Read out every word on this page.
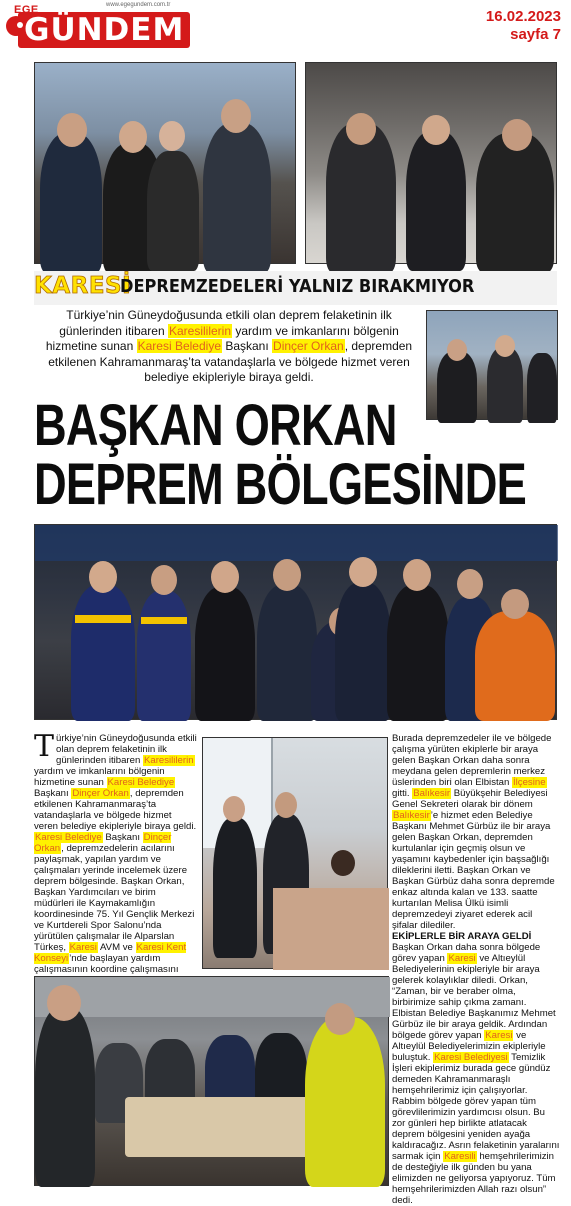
EGE
GÜNDEM
www.egegundem.com.tr
16.02.2023
sayfa 7
KARESİ
DEPREMZEDELERİ YALNIZ BIRAKMIYOR
Türkiye’nin Güneydoğusunda etkili olan deprem felaketinin ilk günlerinden itibaren Karesililerin yardım ve imkanlarını bölgenin hizmetine sunan Karesi Belediye Başkanı Dinçer Orkan, depremden etkilenen Kahramanmaraş’ta vatandaşlarla ve bölgede hizmet veren belediye ekipleriyle biraya geldi.
BAŞKAN ORKAN
DEPREM BÖLGESİNDE
Türkiye’nin Güneydoğusunda etkili olan deprem felaketinin ilk günlerinden itibaren Karesililerin yardım ve imkanlarını bölgenin hizmetine sunan Karesi Belediye Başkanı Dinçer Orkan, depremden etkilenen Kahramanmaraş’ta vatandaşlarla ve bölgede hizmet veren belediye ekipleriyle biraya geldi.
Karesi Belediye Başkanı Dinçer Orkan, depremzedelerin acılarını paylaşmak, yapılan yardım ve çalışmaları yerinde incelemek üzere deprem bölgesinde. Başkan Orkan, Başkan Yardımcıları ve birim müdürleri ile Kaymakamlığın koordinesinde 75. Yıl Gençlik Merkezi ve Kurtdereli Spor Salonu’nda yürütülen çalışmalar ile Alparslan Türkeş, Karesi AVM ve Karesi Kent Konseyi’nde başlayan yardım çalışmasının koordine çalışmasını
Burada depremzedeler ile ve bölgede çalışma yürüten ekiplerle bir araya gelen Başkan Orkan daha sonra meydana gelen depremlerin merkez üslerinden biri olan Elbistan İlçesine gitti. Balıkesir Büyükşehir Belediyesi Genel Sekreteri olarak bir dönem Balıkesir’e hizmet eden Belediye Başkanı Mehmet Gürbüz ile bir araya gelen Başkan Orkan, depremden kurtulanlar için geçmiş olsun ve yaşamını kaybedenler için başsağlığı dileklerini iletti. Başkan Orkan ve Başkan Gürbüz daha sonra depremde enkaz altında kalan ve 133. saatte kurtarılan Melisa Ülkü isimli depremzedeyi ziyaret ederek acil şifalar dilediler.
EKİPLERLE BİR ARAYA GELDİ
Başkan Orkan daha sonra bölgede görev yapan Karesi ve Altıeylül Belediyelerinin ekipleriyle bir araya gelerek kolaylıklar diledi. Orkan, “Zaman, bir ve beraber olma, birbirimize sahip çıkma zamanı. Elbistan Belediye Başkanımız Mehmet Gürbüz ile bir araya geldik. Ardından bölgede görev yapan Karesi ve Altıeylül Belediyelerimizin ekipleriyle buluştuk. Karesi Belediyesi Temizlik İşleri ekiplerimiz burada gece gündüz demeden Kahramanmaraşlı hemşehrilerimiz için çalışıyorlar. Rabbim bölgede görev yapan tüm görevlilerimizin yardımcısı olsun. Bu zor günleri hep birlikte atlatacak deprem bölgesini yeniden ayağa kaldıracağız. Asrın felaketinin yaralarını sarmak için Karesili hemşehrilerimizin de desteğiyle ilk günden bu yana elimizden ne geliyorsa yapıyoruz. Tüm hemşehrilerimizden Allah razı olsun” dedi.
